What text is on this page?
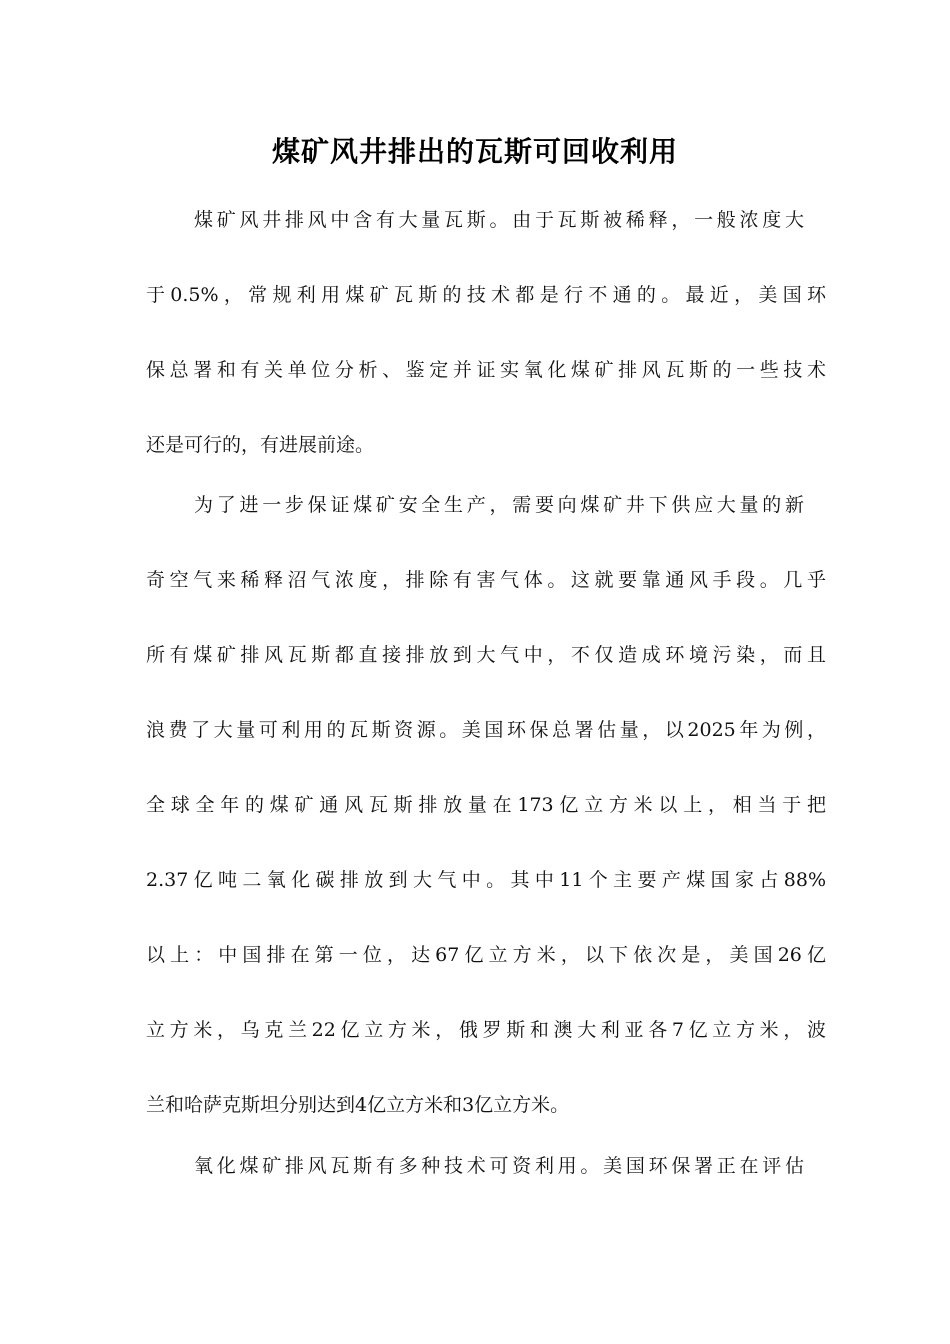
煤矿风井排出的瓦斯可回收利用
煤矿风井排风中含有大量瓦斯。由于瓦斯被稀释，一般浓度大
于0.5%，常规利用煤矿瓦斯的技术都是行不通的。最近，美国环
保总署和有关单位分析、鉴定并证实氧化煤矿排风瓦斯的一些技术
还是可行的，有进展前途。
为了进一步保证煤矿安全生产，需要向煤矿井下供应大量的新
奇空气来稀释沼气浓度，排除有害气体。这就要靠通风手段。几乎
所有煤矿排风瓦斯都直接排放到大气中，不仅造成环境污染，而且
浪费了大量可利用的瓦斯资源。美国环保总署估量，以2025年为例，
全球全年的煤矿通风瓦斯排放量在173亿立方米以上，相当于把
2.37亿吨二氧化碳排放到大气中。其中11个主要产煤国家占88%
以上：中国排在第一位，达67亿立方米，以下依次是，美国26亿
立方米，乌克兰22亿立方米，俄罗斯和澳大利亚各7亿立方米，波
兰和哈萨克斯坦分别达到4亿立方米和3亿立方米。
氧化煤矿排风瓦斯有多种技术可资利用。美国环保署正在评估
